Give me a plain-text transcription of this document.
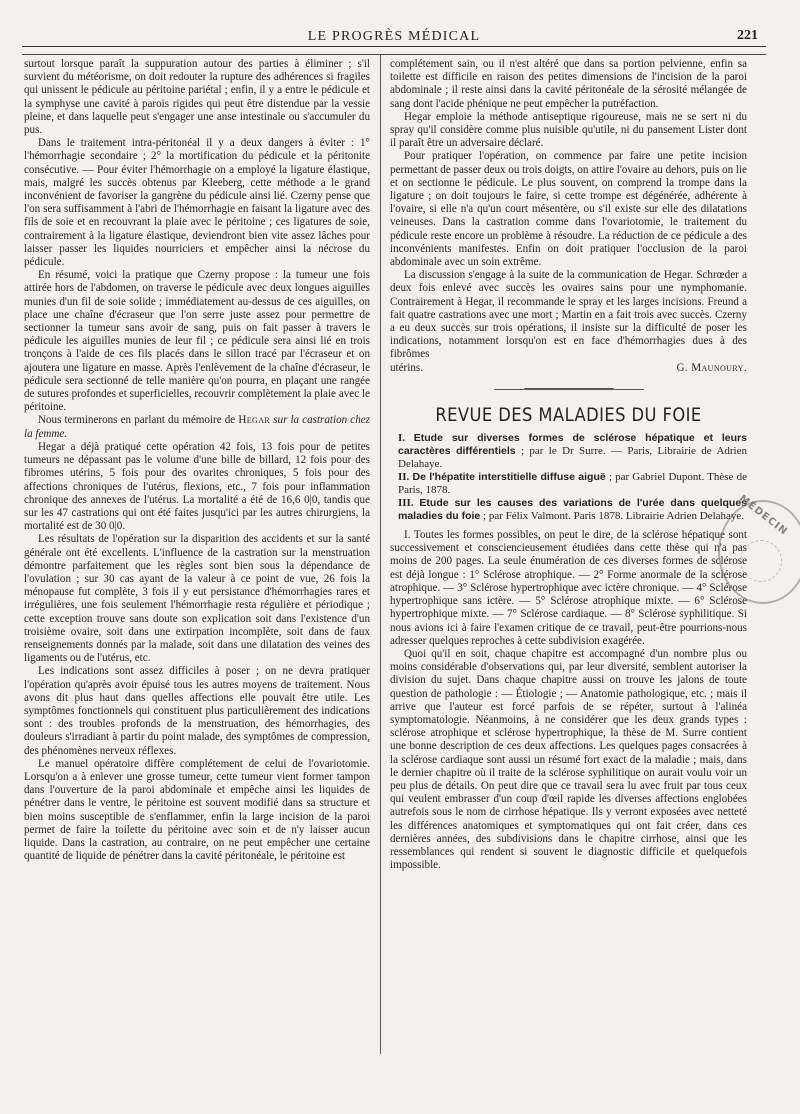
LE PROGRÈS MÉDICAL	221

surtout lorsque paraît la suppuration autour des parties à éliminer ; s'il survient du météorisme, on doit redouter la rupture des adhérences si fragiles qui unissent le pédicule au péritoine pariétal ; enfin, il y a entre le pédicule et la symphyse une cavité à parois rigides qui peut être distendue par la vessie pleine, et dans laquelle peut s'engager une anse intestinale ou s'accumuler du pus.

Dans le traitement intra-péritonéal il y a deux dangers à éviter : 1° l'hémorrhagie secondaire ; 2° la mortification du pédicule et la péritonite consécutive. — Pour éviter l'hémorrhagie on a employé la ligature élastique, mais, malgré les succès obtenus par Kleeberg, cette méthode a le grand inconvénient de favoriser la gangrène du pédicule ainsi lié. Czerny pense que l'on sera suffisamment à l'abri de l'hémorrhagie en faisant la ligature avec des fils de soie et en recouvrant la plaie avec le péritoine ; ces ligatures de soie, contrairement à la ligature élastique, deviendront bien vite assez lâches pour laisser passer les liquides nourriciers et empêcher ainsi la nécrose du pédicule.

En résumé, voici la pratique que Czerny propose : la tumeur une fois attirée hors de l'abdomen, on traverse le pédicule avec deux longues aiguilles munies d'un fil de soie solide ; immédiatement au-dessus de ces aiguilles, on place une chaîne d'écraseur que l'on serre juste assez pour permettre de sectionner la tumeur sans avoir de sang, puis on fait passer à travers le pédicule les aiguilles munies de leur fil ; ce pédicule sera ainsi lié en trois tronçons à l'aide de ces fils placés dans le sillon tracé par l'écraseur et on ajoutera une ligature en masse. Après l'enlèvement de la chaîne d'écraseur, le pédicule sera sectionné de telle manière qu'on pourra, en plaçant une rangée de sutures profondes et superficielles, recouvrir complètement la plaie avec le péritoine.

Nous terminerons en parlant du mémoire de Hegar sur la castration chez la femme.

Hegar a déjà pratiqué cette opération 42 fois, 13 fois pour de petites tumeurs ne dépassant pas le volume d'une bille de billard, 12 fois pour des fibromes utérins, 5 fois pour des ovarites chroniques, 5 fois pour des affections chroniques de l'utérus, flexions, etc., 7 fois pour inflammation chronique des annexes de l'utérus. La mortalité a été de 16,6 0|0, tandis que sur les 47 castrations qui ont été faites jusqu'ici par les autres chirurgiens, la mortalité est de 30 0|0.

Les résultats de l'opération sur la disparition des accidents et sur la santé générale ont été excellents. L'influence de la castration sur la menstruation démontre parfaitement que les règles sont bien sous la dépendance de l'ovulation ; sur 30 cas ayant de la valeur à ce point de vue, 26 fois la ménopause fut complète, 3 fois il y eut persistance d'hémorrhagies rares et irrégulières, une fois seulement l'hémorrhagie resta régulière et périodique ; cette exception trouve sans doute son explication soit dans l'existence d'un troisième ovaire, soit dans une extirpation incomplète, soit dans de faux renseignements donnés par la malade, soit dans une dilatation des veines des ligaments ou de l'utérus, etc.

Les indications sont assez difficiles à poser ; on ne devra pratiquer l'opération qu'après avoir épuisé tous les autres moyens de traitement. Nous avons dit plus haut dans quelles affections elle pouvait être utile. Les symptômes fonctionnels qui constituent plus particulièrement des indications sont : des troubles profonds de la menstruation, des hémorrhagies, des douleurs s'irradiant à partir du point malade, des symptômes de compression, des phénomènes nerveux réflexes.

Le manuel opératoire diffère complétement de celui de l'ovariotomie. Lorsqu'on a à enlever une grosse tumeur, cette tumeur vient former tampon dans l'ouverture de la paroi abdominale et empêche ainsi les liquides de pénétrer dans le ventre, le péritoine est souvent modifié dans sa structure et bien moins susceptible de s'enflammer, enfin la large incision de la paroi permet de faire la toilette du péritoine avec soin et de n'y laisser aucun liquide. Dans la castration, au contraire, on ne peut empêcher une certaine quantité de liquide de pénétrer dans la cavité péritonéale, le péritoine est

complétement sain, ou il n'est altéré que dans sa portion pelvienne, enfin sa toilette est difficile en raison des petites dimensions de l'incision de la paroi abdominale ; il reste ainsi dans la cavité péritonéale de la sérosité mélangée de sang dont l'acide phénique ne peut empêcher la putréfaction.

Hegar emploie la méthode antiseptique rigoureuse, mais ne se sert ni du spray qu'il considère comme plus nuisible qu'utile, ni du pansement Lister dont il paraît être un adversaire déclaré.

Pour pratiquer l'opération, on commence par faire une petite incision permettant de passer deux ou trois doigts, on attire l'ovaire au dehors, puis on lie et on sectionne le pédicule. Le plus souvent, on comprend la trompe dans la ligature ; on doit toujours le faire, si cette trompe est dégénérée, adhérente à l'ovaire, si elle n'a qu'un court mésentère, ou s'il existe sur elle des dilatations veineuses. Dans la castration comme dans l'ovariotomie, le traitement du pédicule reste encore un problème à résoudre. La réduction de ce pédicule a des inconvénients manifestes. Enfin on doit pratiquer l'occlusion de la paroi abdominale avec un soin extrême.

La discussion s'engage à la suite de la communication de Hegar. Schrœder a deux fois enlevé avec succès les ovaires sains pour une nymphomanie. Contrairement à Hegar, il recommande le spray et les larges incisions. Freund a fait quatre castrations avec une mort ; Martin en a fait trois avec succès. Czerny a eu deux succès sur trois opérations, il insiste sur la difficulté de poser les indications, notamment lorsqu'on est en face d'hémorrhagies dues à des fibrômes

utérins.	G. Maunoury.
REVUE DES MALADIES DU FOIE

I. Etude sur diverses formes de sclérose hépatique et leurs caractères différentiels ; par le Dr Surre. — Paris, Librairie de Adrien Delahaye.

II. De l'hépatite interstitielle diffuse aiguë ; par Gabriel Dupont. Thèse de Paris, 1878.

III. Etude sur les causes des variations de l'urée dans quelques maladies du foie ; par Félix Valmont. Paris 1878. Librairie Adrien Delahaye.

I. Toutes les formes possibles, on peut le dire, de la sclérose hépatique sont successivement et consciencieusement étudiées dans cette thèse qui n'a pas moins de 200 pages. La seule énumération de ces diverses formes de sclérose est déjà longue : 1° Sclérose atrophique. — 2° Forme anormale de la sclérose atrophique. — 3° Sclérose hypertrophique avec ictère chronique. — 4° Sclérose hypertrophique sans ictère. — 5° Sclérose atrophique mixte. — 6° Sclérose hypertrophique mixte. — 7° Sclérose cardiaque. — 8° Sclérose syphilitique. Si nous avions ici à faire l'examen critique de ce travail, peut-être pourrions-nous adresser quelques reproches à cette subdivision exagérée.

Quoi qu'il en soit, chaque chapitre est accompagné d'un nombre plus ou moins considérable d'observations qui, par leur diversité, semblent autoriser la division du sujet. Dans chaque chapitre aussi on trouve les jalons de toute question de pathologie : — Étiologie ; — Anatomie pathologique, etc. ; mais il arrive que l'auteur est forcé parfois de se répéter, surtout à l'alinéa symptomatologie. Néanmoins, à ne considérer que les deux grands types : sclérose atrophique et sclérose hypertrophique, la thèse de M. Surre contient une bonne description de ces deux affections. Les quelques pages consacrées à la sclérose cardiaque sont aussi un résumé fort exact de la maladie ; mais, dans le dernier chapitre où il traite de la sclérose syphilitique on aurait voulu voir un peu plus de détails. On peut dire que ce travail sera lu avec fruit par tous ceux qui veulent embrasser d'un coup d'œil rapide les diverses affections englobées autrefois sous le nom de cirrhose hépatique. Ils y verront exposées avec netteté les différences anatomiques et symptomatiques qui ont fait créer, dans ces dernières années, des subdivisions dans le chapitre cirrhose, ainsi que les ressemblances qui rendent si souvent le diagnostic difficile et quelquefois impossible.

MÉDECIN
